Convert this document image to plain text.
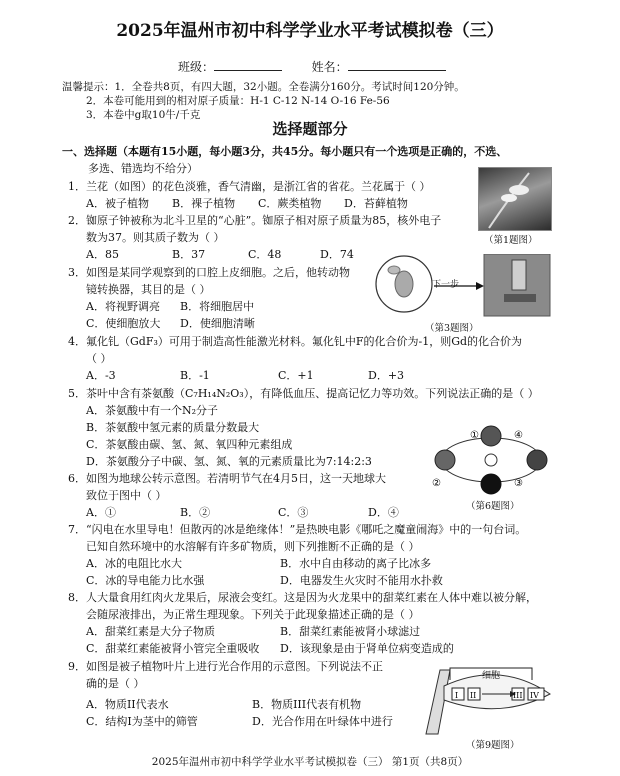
2025年温州市初中科学学业水平考试模拟卷（三）
班级：	姓名：
温馨提示：1．全卷共8页，有四大题，32小题。全卷满分160分。考试时间120分钟。
2．本卷可能用到的相对原子质量：H-1 C-12 N-14 O-16 Fe-56
3．本卷中g取10牛/千克
选择题部分
一、选择题（本题有15小题，每小题3分，共45分。每小题只有一个选项是正确的，不选、
多选、错选均不给分）
1．兰花（如图）的花色淡雅，香气清幽，是浙江省的省花。兰花属于（ ）
A．被子植物 B．裸子植物 C．蕨类植物 D．苔藓植物
（第1题图）
2．铷原子钟被称为北斗卫星的“心脏”。铷原子相对原子质量为85，核外电子
数为37。则其质子数为（ ）
A．85	B．37	C．48	D．74
3．如图是某同学观察到的口腔上皮细胞。之后，他转动物
镜转换器，其目的是（ ）
A．将视野调亮 B．将细胞居中
C．使细胞放大 D．使细胞清晰
下一步
（第3题图）
4．氟化钆（GdF₃）可用于制造高性能激光材料。氟化钆中F的化合价为-1，则Gd的化合价为
（ ）
A．-3	B．-1	C．+1	D．+3
5．茶叶中含有茶氨酸（C₇H₁₄N₂O₃），有降低血压、提高记忆力等功效。下列说法正确的是（ ）
A．茶氨酸中有一个N₂分子
B．茶氨酸中氢元素的质量分数最大
C．茶氨酸由碳、氢、氮、氧四种元素组成
D．茶氨酸分子中碳、氢、氮、氧的元素质量比为7:14:2:3
6．如图为地球公转示意图。若清明节气在4月5日，这一天地球大
致位于图中（ ）
A．①	B．②	C．③	D．④
①	④
③
②
（第6题图）
7．“闪电在水里导电！但散丙的冰是绝缘体！”是热映电影《哪吒之魔童闹海》中的一句台词。
已知自然环境中的水溶解有许多矿物质，则下列推断不正确的是（ ）
A．冰的电阻比水大	B．水中自由移动的离子比冰多
C．冰的导电能力比水强	D．电器发生火灾时不能用水扑救
8．人大量食用红肉火龙果后，尿液会变红。这是因为火龙果中的甜菜红素在人体中难以被分解，
会随尿液排出，为正常生理现象。下列关于此现象描述正确的是（ ）
A．甜菜红素是大分子物质	B．甜菜红素能被肾小球滤过
C．甜菜红素能被肾小管完全重吸收 D．该现象是由于肾单位病变造成的
9．如图是被子植物叶片上进行光合作用的示意图。下列说法不正
确的是（ ）
A．物质II代表水	B．物质III代表有机物
C．结构I为茎中的筛管	D．光合作用在叶绿体中进行
I II	III IV
细胞
（第9题图）
2025年温州市初中科学学业水平考试模拟卷（三） 第1页（共8页）
